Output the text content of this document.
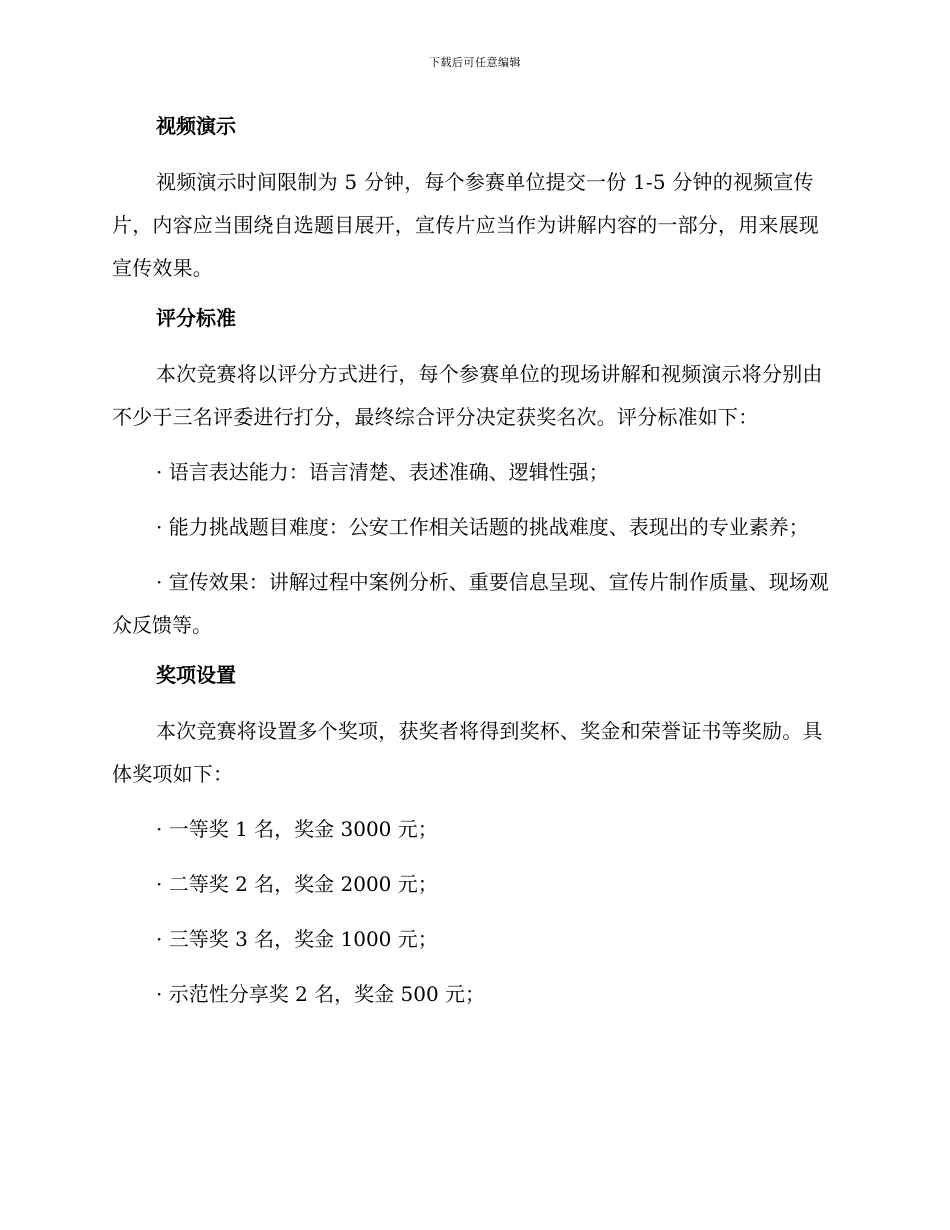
下载后可任意编辑
视频演示
视频演示时间限制为 5 分钟，每个参赛单位提交一份 1-5 分钟的视频宣传片，内容应当围绕自选题目展开，宣传片应当作为讲解内容的一部分，用来展现宣传效果。
评分标准
本次竞赛将以评分方式进行，每个参赛单位的现场讲解和视频演示将分别由不少于三名评委进行打分，最终综合评分决定获奖名次。评分标准如下：
· 语言表达能力：语言清楚、表述准确、逻辑性强；
· 能力挑战题目难度：公安工作相关话题的挑战难度、表现出的专业素养；
· 宣传效果：讲解过程中案例分析、重要信息呈现、宣传片制作质量、现场观众反馈等。
奖项设置
本次竞赛将设置多个奖项，获奖者将得到奖杯、奖金和荣誉证书等奖励。具体奖项如下：
· 一等奖 1 名，奖金 3000 元；
· 二等奖 2 名，奖金 2000 元；
· 三等奖 3 名，奖金 1000 元；
· 示范性分享奖 2 名，奖金 500 元；
